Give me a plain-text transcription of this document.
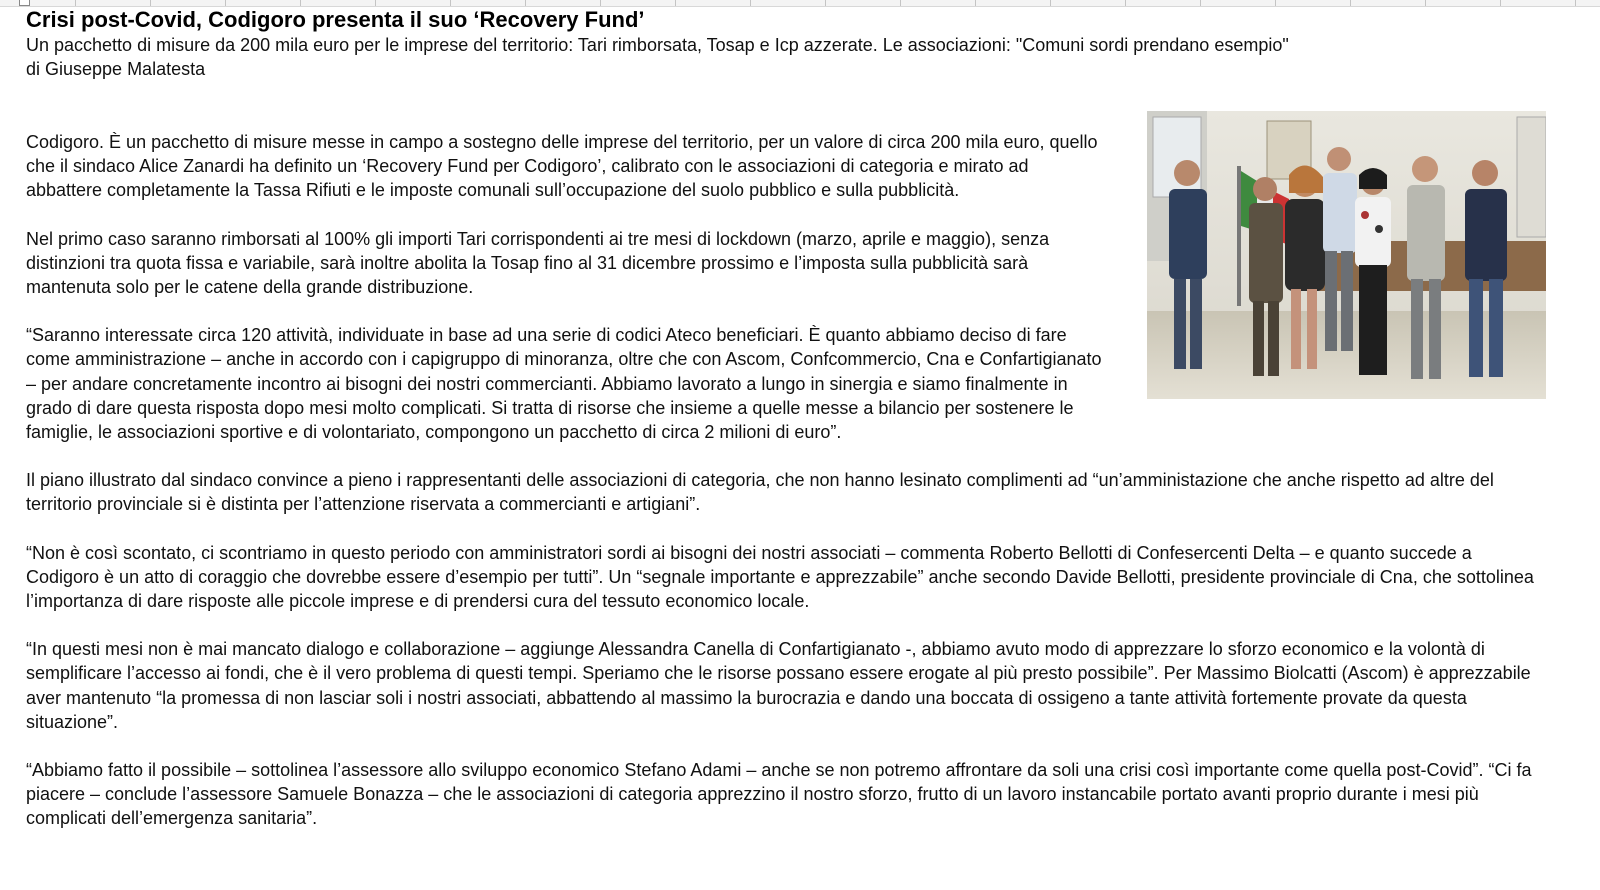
Crisi post-Covid, Codigoro presenta il suo ‘Recovery Fund’

Un pacchetto di misure da 200 mila euro per le imprese del territorio: Tari rimborsata, Tosap e Icp azzerate. Le associazioni: "Comuni sordi prendano esempio"

di Giuseppe Malatesta

Codigoro. È un pacchetto di misure messe in campo a sostegno delle imprese del territorio, per un valore di circa 200 mila euro, quello che il sindaco Alice Zanardi ha definito un ‘Recovery Fund per Codigoro’, calibrato con le associazioni di categoria e mirato ad abbattere completamente la Tassa Rifiuti e le imposte comunali sull’occupazione del suolo pubblico e sulla pubblicità.

Nel primo caso saranno rimborsati al 100% gli importi Tari corrispondenti ai tre mesi di lockdown (marzo, aprile e maggio), senza distinzioni tra quota fissa e variabile, sarà inoltre abolita la Tosap fino al 31 dicembre prossimo e l’imposta sulla pubblicità sarà mantenuta solo per le catene della grande distribuzione.

“Saranno interessate circa 120 attività, individuate in base ad una serie di codici Ateco beneficiari. È quanto abbiamo deciso di fare come amministrazione – anche in accordo con i capigruppo di minoranza, oltre che con Ascom, Confcommercio, Cna e Confartigianato – per andare concretamente incontro ai bisogni dei nostri commercianti. Abbiamo lavorato a lungo in sinergia e siamo finalmente in grado di dare questa risposta dopo mesi molto complicati. Si tratta di risorse che insieme a quelle messe a bilancio per sostenere le famiglie, le associazioni sportive e di volontariato, compongono un pacchetto di circa 2 milioni di euro”.

Il piano illustrato dal sindaco convince a pieno i rappresentanti delle associazioni di categoria, che non hanno lesinato complimenti ad “un’amministazione che anche rispetto ad altre del territorio provinciale si è distinta per l’attenzione riservata a commercianti e artigiani”.

“Non è così scontato, ci scontriamo in questo periodo con amministratori sordi ai bisogni dei nostri associati – commenta Roberto Bellotti di Confesercenti Delta – e quanto succede a Codigoro è un atto di coraggio che dovrebbe essere d’esempio per tutti”. Un “segnale importante e apprezzabile” anche secondo Davide Bellotti, presidente provinciale di Cna, che sottolinea l’importanza di dare risposte alle piccole imprese e di prendersi cura del tessuto economico locale.

“In questi mesi non è mai mancato dialogo e collaborazione – aggiunge Alessandra Canella di Confartigianato -, abbiamo avuto modo di apprezzare lo sforzo economico e la volontà di semplificare l’accesso ai fondi, che è il vero problema di questi tempi. Speriamo che le risorse possano essere erogate al più presto possibile”. Per Massimo Biolcatti (Ascom) è apprezzabile aver mantenuto “la promessa di non lasciar soli i nostri associati, abbattendo al massimo la burocrazia e dando una boccata di ossigeno a tante attività fortemente provate da questa situazione”.

“Abbiamo fatto il possibile – sottolinea l’assessore allo sviluppo economico Stefano Adami – anche se non potremo affrontare da soli una crisi così importante come quella post-Covid”. “Ci fa piacere – conclude l’assessore Samuele Bonazza – che le associazioni di categoria apprezzino il nostro sforzo, frutto di un lavoro instancabile portato avanti proprio durante i mesi più complicati dell’emergenza sanitaria”.
